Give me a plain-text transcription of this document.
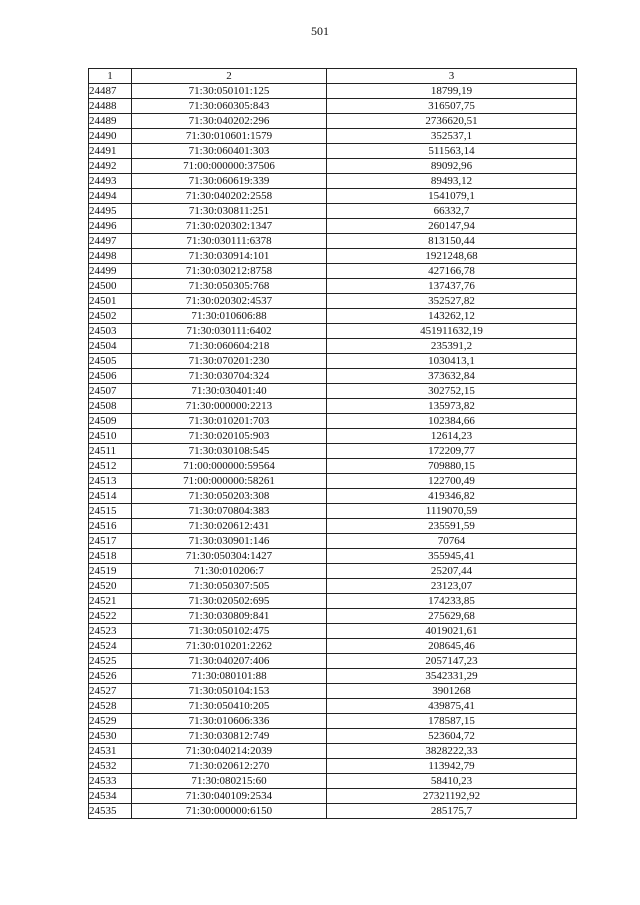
501
1	2	3
24487	71:30:050101:125	18799,19
24488	71:30:060305:843	316507,75
24489	71:30:040202:296	2736620,51
24490	71:30:010601:1579	352537,1
24491	71:30:060401:303	511563,14
24492	71:00:000000:37506	89092,96
24493	71:30:060619:339	89493,12
24494	71:30:040202:2558	1541079,1
24495	71:30:030811:251	66332,7
24496	71:30:020302:1347	260147,94
24497	71:30:030111:6378	813150,44
24498	71:30:030914:101	1921248,68
24499	71:30:030212:8758	427166,78
24500	71:30:050305:768	137437,76
24501	71:30:020302:4537	352527,82
24502	71:30:010606:88	143262,12
24503	71:30:030111:6402	451911632,19
24504	71:30:060604:218	235391,2
24505	71:30:070201:230	1030413,1
24506	71:30:030704:324	373632,84
24507	71:30:030401:40	302752,15
24508	71:30:000000:2213	135973,82
24509	71:30:010201:703	102384,66
24510	71:30:020105:903	12614,23
24511	71:30:030108:545	172209,77
24512	71:00:000000:59564	709880,15
24513	71:00:000000:58261	122700,49
24514	71:30:050203:308	419346,82
24515	71:30:070804:383	1119070,59
24516	71:30:020612:431	235591,59
24517	71:30:030901:146	70764
24518	71:30:050304:1427	355945,41
24519	71:30:010206:7	25207,44
24520	71:30:050307:505	23123,07
24521	71:30:020502:695	174233,85
24522	71:30:030809:841	275629,68
24523	71:30:050102:475	4019021,61
24524	71:30:010201:2262	208645,46
24525	71:30:040207:406	2057147,23
24526	71:30:080101:88	3542331,29
24527	71:30:050104:153	3901268
24528	71:30:050410:205	439875,41
24529	71:30:010606:336	178587,15
24530	71:30:030812:749	523604,72
24531	71:30:040214:2039	3828222,33
24532	71:30:020612:270	113942,79
24533	71:30:080215:60	58410,23
24534	71:30:040109:2534	27321192,92
24535	71:30:000000:6150	285175,7
